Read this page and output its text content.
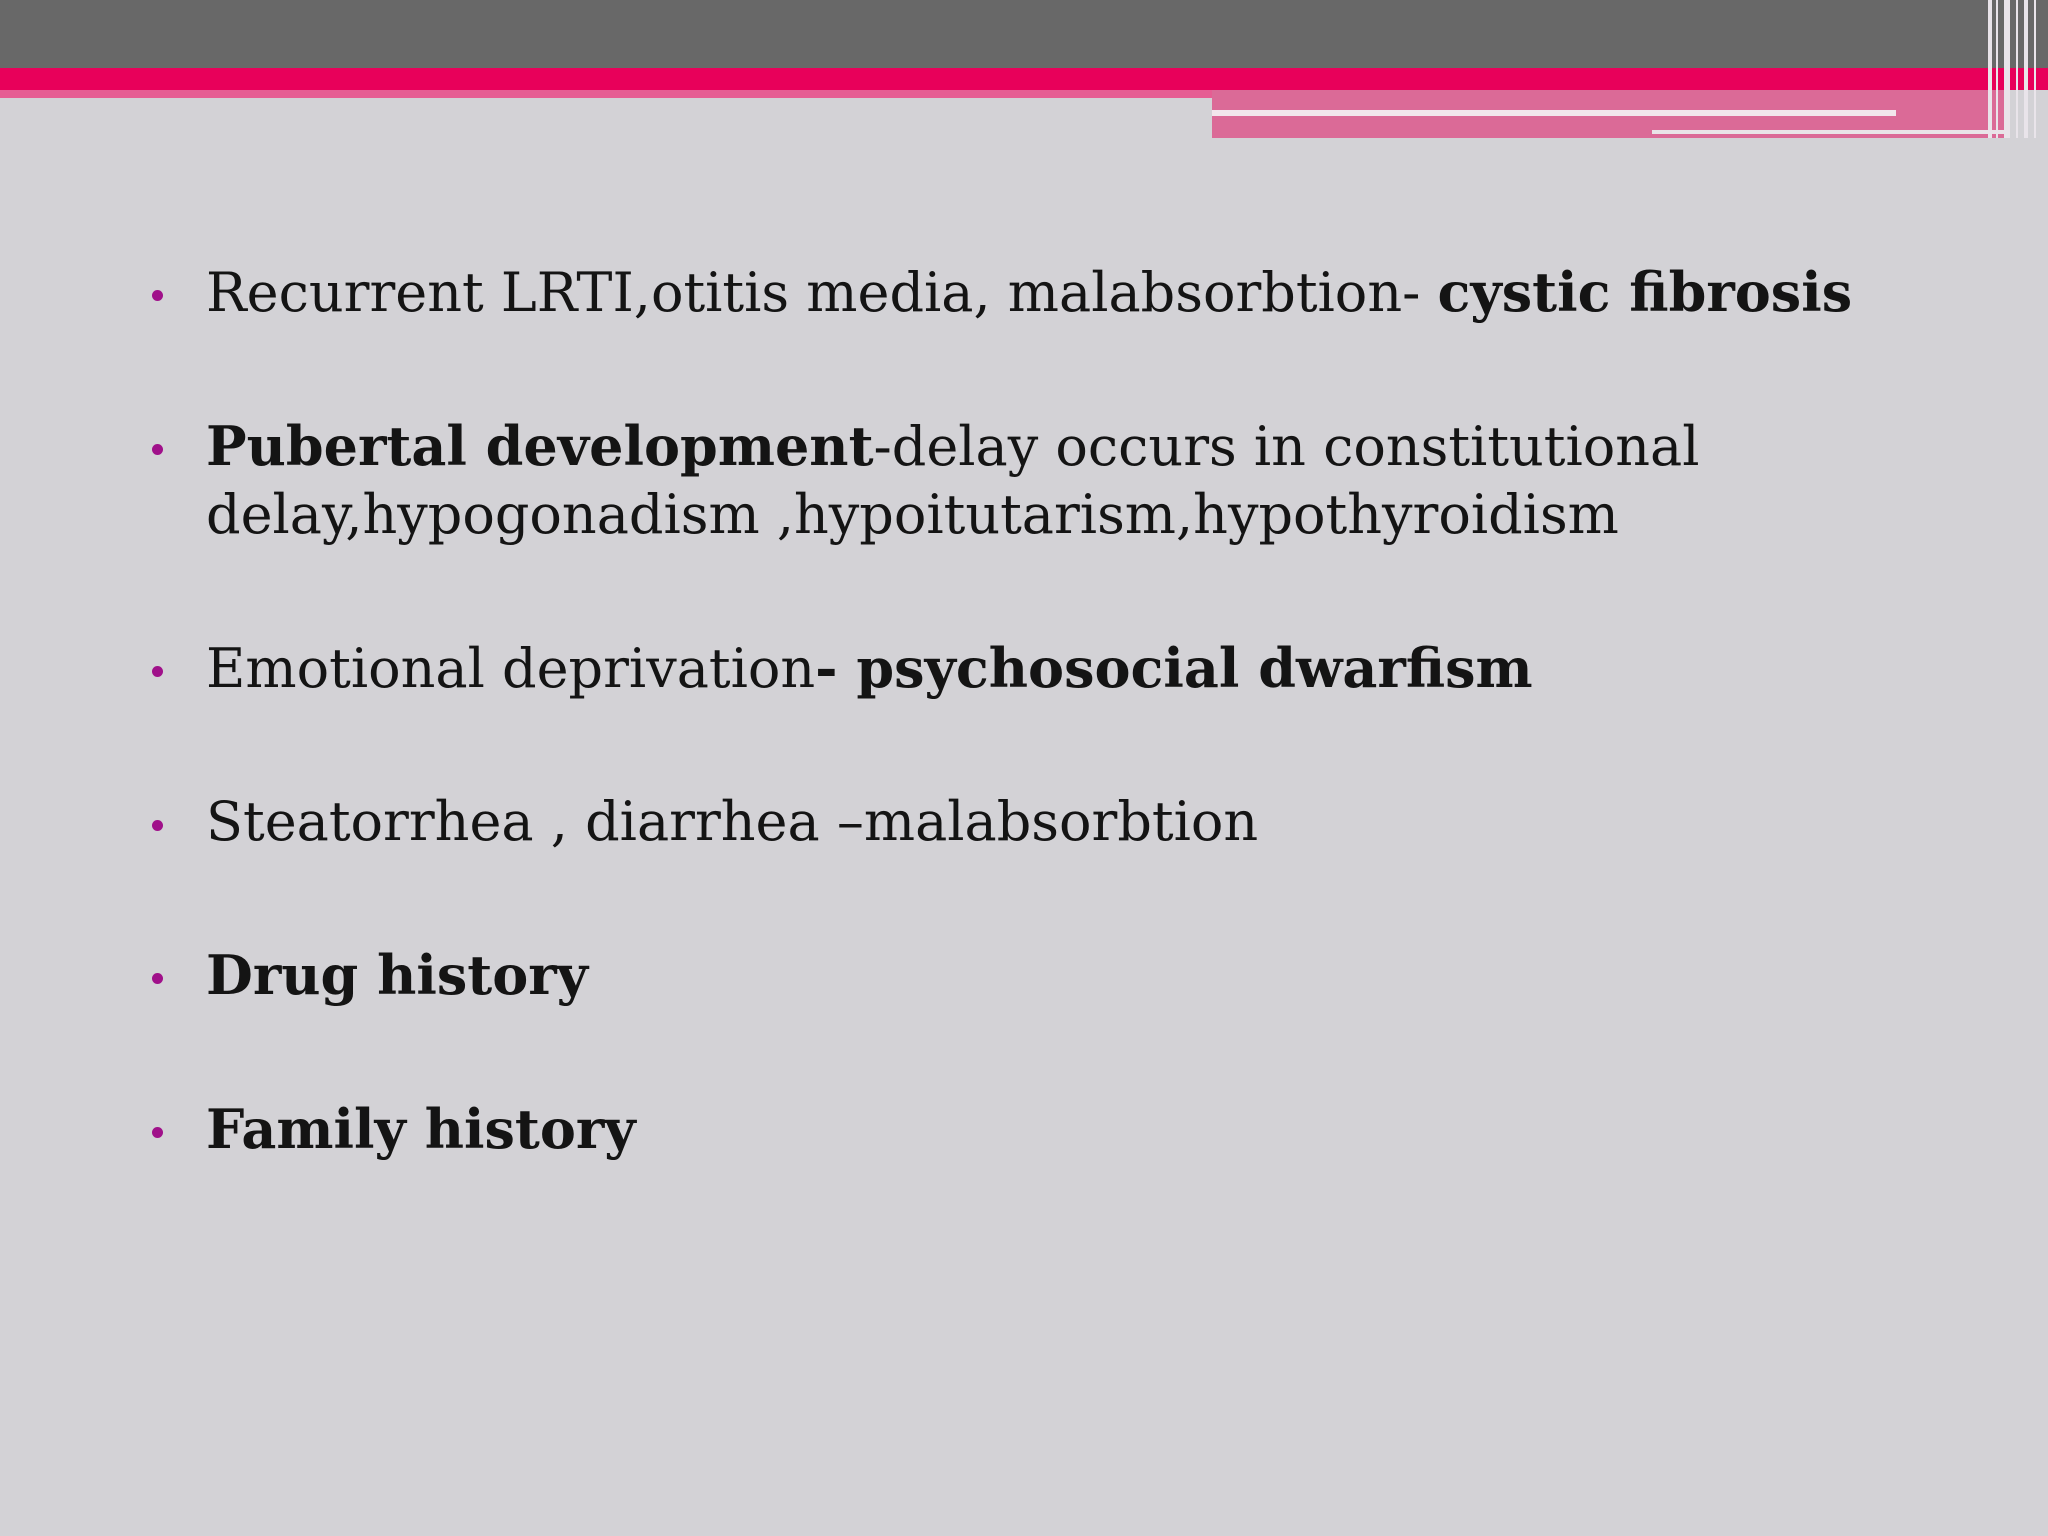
Recurrent LRTI,otitis media, malabsorbtion- cystic fibrosis
Pubertal development-delay occurs in constitutional delay,hypogonadism ,hypoitutarism,hypothyroidism
Emotional deprivation- psychosocial dwarfism
Steatorrhea , diarrhea –malabsorbtion
Drug history
Family history
